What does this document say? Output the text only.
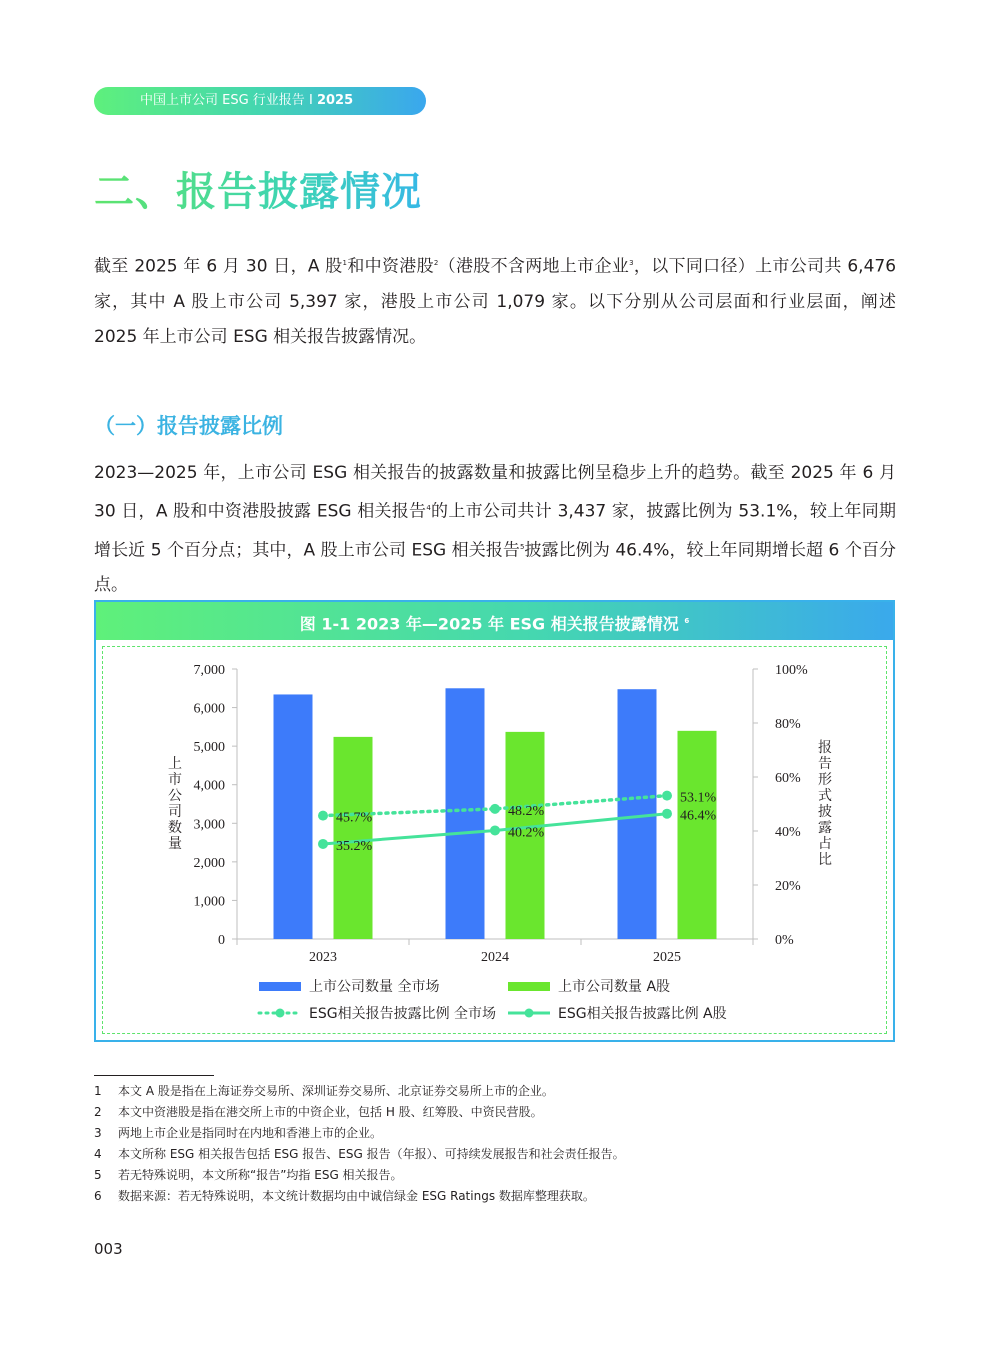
中国上市公司 ESG 行业报告 I 2025
二、报告披露情况

截至 2025 年 6 月 30 日，A 股$^1$和中资港股$^2$（港股不含两地上市企业$^3$，以下同口径）上市公司共 6,476 家，其中 A 股上市公司 5,397 家，港股上市公司 1,079 家。以下分别从公司层面和行业层面，阐述 2025 年上市公司 ESG 相关报告披露情况。

（一）报告披露比例

2023—2025 年，上市公司 ESG 相关报告的披露数量和披露比例呈稳步上升的趋势。截至 2025 年 6 月 30 日，A 股和中资港股披露 ESG 相关报告$^4$的上市公司共计 3,437 家，披露比例为 53.1%，较上年同期增长近 5 个百分点；其中，A 股上市公司 ESG 相关报告$^5$披露比例为 46.4%，较上年同期增长超 6 个百分点。

图 1-1 2023 年—2025 年 ESG 相关报告披露情况 $^6$
0
1,000
2,000
3,000
4,000
5,000
6,000
7,000
0%
20%
40%
60%
80%
100%
2023	2024	2025
上市公司数量
报告形式披露占比
45.7%	48.2%
53.1%
35.2%
40.2%
46.4%
上市公司数量 全市场	上市公司数量 A股
ESG相关报告披露比例 全市场	ESG相关报告披露比例 A股
1 本文 A 股是指在上海证券交易所、深圳证券交易所、北京证券交易所上市的企业。
2 本文中资港股是指在港交所上市的中资企业，包括 H 股、红筹股、中资民营股。
3 两地上市企业是指同时在内地和香港上市的企业。
4 本文所称 ESG 相关报告包括 ESG 报告、ESG 报告（年报）、可持续发展报告和社会责任报告。
5 若无特殊说明，本文所称“报告”均指 ESG 相关报告。
6 数据来源：若无特殊说明，本文统计数据均由中诚信绿金 ESG Ratings 数据库整理获取。
003
